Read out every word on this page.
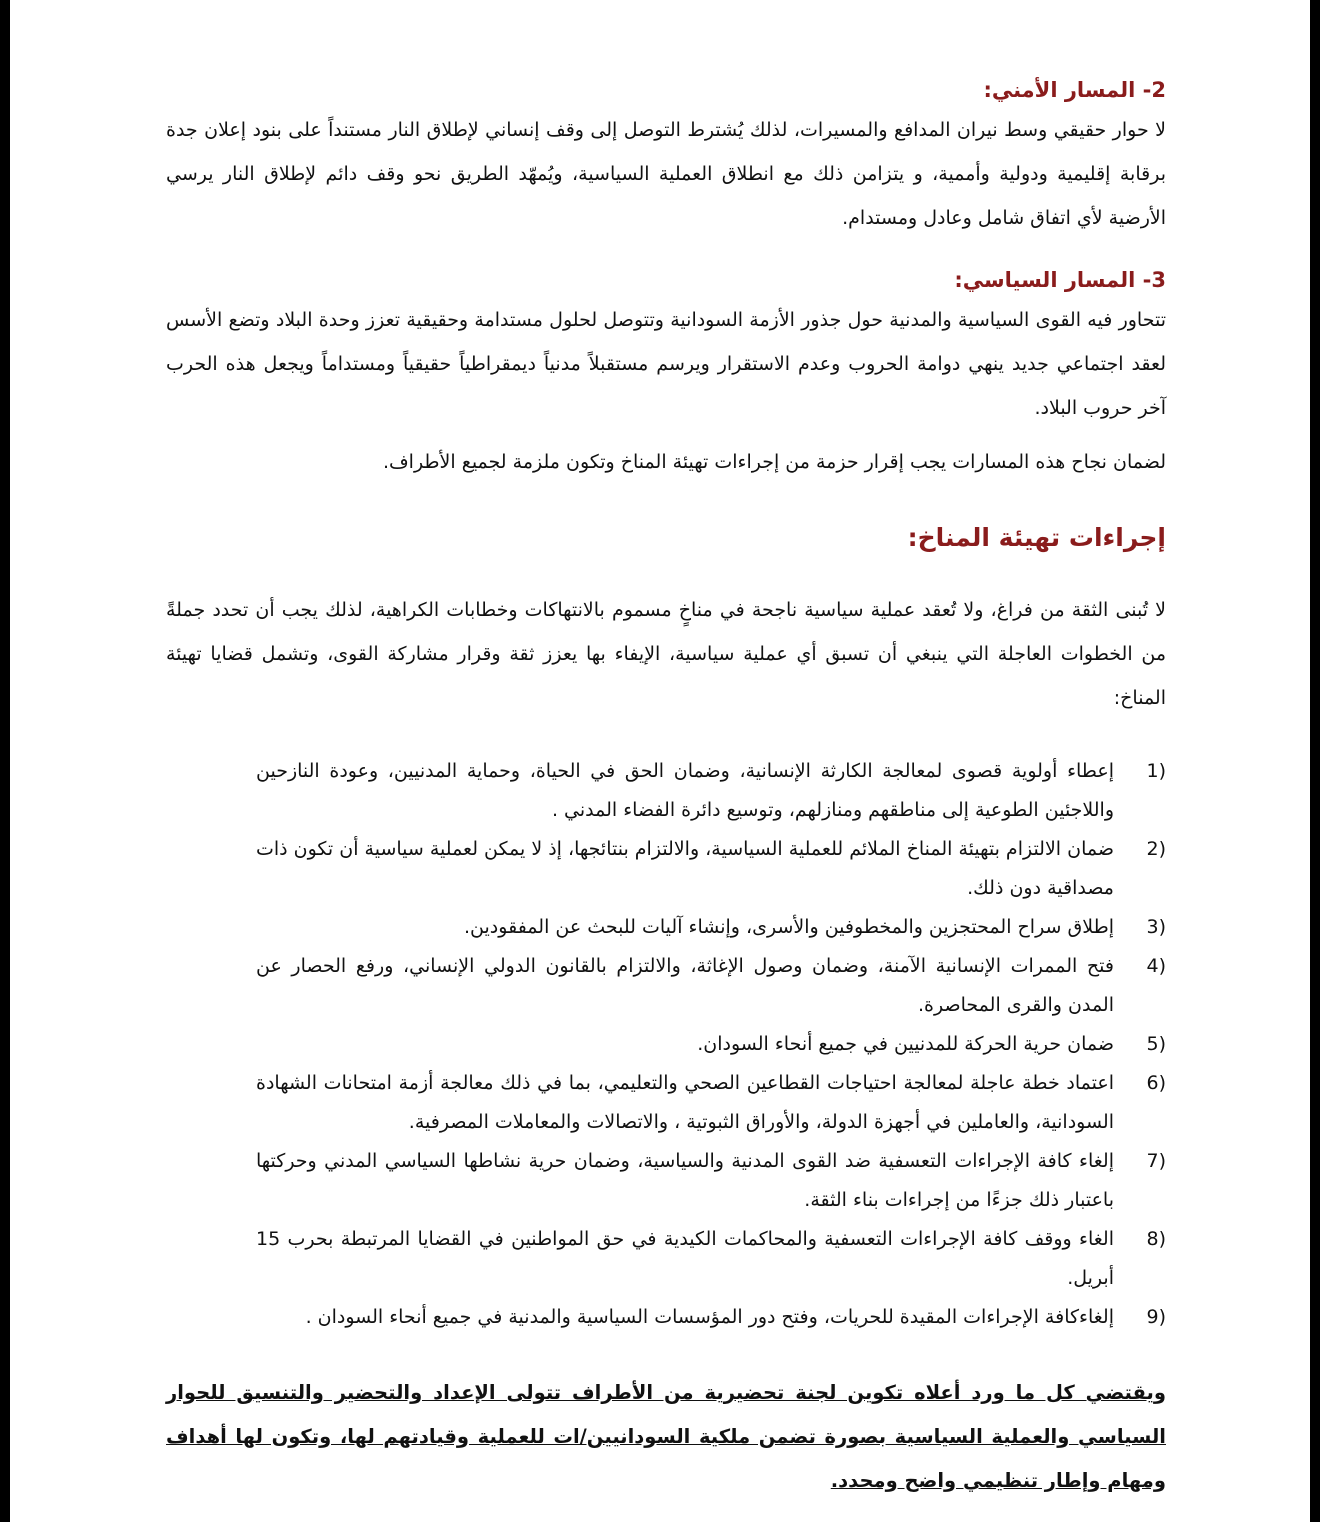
2- المسار الأمني:

لا حوار حقيقي وسط نيران المدافع والمسيرات، لذلك يُشترط التوصل إلى وقف إنساني لإطلاق النار مستنداً على بنود إعلان جدة برقابة إقليمية ودولية وأممية، و يتزامن ذلك مع انطلاق العملية السياسية، ويُمهّد الطريق نحو وقف دائم لإطلاق النار يرسي الأرضية لأي اتفاق شامل وعادل ومستدام.

3- المسار السياسي:

تتحاور فيه القوى السياسية والمدنية حول جذور الأزمة السودانية وتتوصل لحلول مستدامة وحقيقية تعزز وحدة البلاد وتضع الأسس لعقد اجتماعي جديد ينهي دوامة الحروب وعدم الاستقرار ويرسم مستقبلاً مدنياً ديمقراطياً حقيقياً ومستداماً ويجعل هذه الحرب آخر حروب البلاد.

لضمان نجاح هذه المسارات يجب إقرار حزمة من إجراءات تهيئة المناخ وتكون ملزمة لجميع الأطراف.

إجراءات تهيئة المناخ:

لا تُبنى الثقة من فراغ، ولا تُعقد عملية سياسية ناجحة في مناخٍ مسموم بالانتهاكات وخطابات الكراهية، لذلك يجب أن تحدد جملةً من الخطوات العاجلة التي ينبغي أن تسبق أي عملية سياسية، الإيفاء بها يعزز ثقة وقرار مشاركة القوى، وتشمل قضايا تهيئة المناخ:

1)
إعطاء أولوية قصوى لمعالجة الكارثة الإنسانية، وضمان الحق في الحياة، وحماية المدنيين، وعودة النازحين واللاجئين الطوعية إلى مناطقهم ومنازلهم، وتوسيع دائرة الفضاء المدني .
2)
ضمان الالتزام بتهيئة المناخ الملائم للعملية السياسية، والالتزام بنتائجها، إذ لا يمكن لعملية سياسية أن تكون ذات مصداقية دون ذلك.
3)
إطلاق سراح المحتجزين والمخطوفين والأسرى، وإنشاء آليات للبحث عن المفقودين.
4)
فتح الممرات الإنسانية الآمنة، وضمان وصول الإغاثة، والالتزام بالقانون الدولي الإنساني، ورفع الحصار عن المدن والقرى المحاصرة.
5)
ضمان حرية الحركة للمدنيين في جميع أنحاء السودان.
6)
اعتماد خطة عاجلة لمعالجة احتياجات القطاعين الصحي والتعليمي، بما في ذلك معالجة أزمة امتحانات الشهادة السودانية، والعاملين في أجهزة الدولة، والأوراق الثبوتية ، والاتصالات والمعاملات المصرفية.
7)
إلغاء كافة الإجراءات التعسفية ضد القوى المدنية والسياسية، وضمان حرية نشاطها السياسي المدني وحركتها باعتبار ذلك جزءًا من إجراءات بناء الثقة.
8)
الغاء ووقف كافة الإجراءات التعسفية والمحاكمات الكيدية في حق المواطنين في القضايا المرتبطة بحرب 15 أبريل.
9)
إلغاءكافة الإجراءات المقيدة للحريات، وفتح دور المؤسسات السياسية والمدنية في جميع أنحاء السودان .

ويقتضي كل ما ورد أعلاه تكوين لجنة تحضيرية من الأطراف تتولى الإعداد والتحضير والتنسيق للحوار السياسي والعملية السياسية بصورة تضمن ملكية السودانيين/ات للعملية وقيادتهم لها، وتكون لها أهداف ومهام وإطار تنظيمي واضح ومحدد.
